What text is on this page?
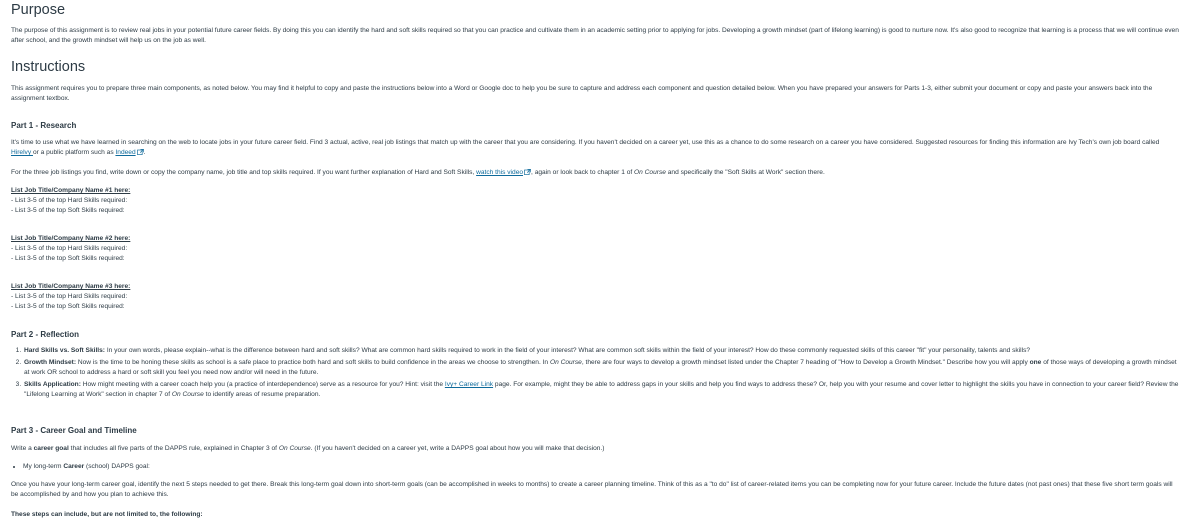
Purpose

The purpose of this assignment is to review real jobs in your potential future career fields. By doing this you can identify the hard and soft skills required so that you can practice and cultivate them in an academic setting prior to applying for jobs. Developing a growth mindset (part of lifelong learning) is good to nurture now. It's also good to recognize that learning is a process that we will continue even after school, and the growth mindset will help us on the job as well.

Instructions

This assignment requires you to prepare three main components, as noted below. You may find it helpful to copy and paste the instructions below into a Word or Google doc to help you be sure to capture and address each component and question detailed below. When you have prepared your answers for Parts 1-3, either submit your document or copy and paste your answers back into the assignment textbox.

Part 1 - Research

It's time to use what we have learned in searching on the web to locate jobs in your future career field. Find 3 actual, active, real job listings that match up with the career that you are considering. If you haven't decided on a career yet, use this as a chance to do some research on a career you have considered. Suggested resources for finding this information are Ivy Tech's own job board called Hirelvy or a public platform such as Indeed .

For the three job listings you find, write down or copy the company name, job title and top skills required. If you want further explanation of Hard and Soft Skills, watch this video , again or look back to chapter 1 of On Course and specifically the "Soft Skills at Work" section there.

List Job Title/Company Name #1 here:
- List 3-5 of the top Hard Skills required:
- List 3-5 of the top Soft Skills required:
List Job Title/Company Name #2 here:
- List 3-5 of the top Hard Skills required:
- List 3-5 of the top Soft Skills required:
List Job Title/Company Name #3 here:
- List 3-5 of the top Hard Skills required:
- List 3-5 of the top Soft Skills required:
Part 2 - Reflection
1. Hard Skills vs. Soft Skills: In your own words, please explain--what is the difference between hard and soft skills? What are common hard skills required to work in the field of your interest? What are common soft skills within the field of your interest? How do these commonly requested skills of this career "fit" your personality, talents and skills?
2. Growth Mindset: Now is the time to be honing these skills as school is a safe place to practice both hard and soft skills to build confidence in the areas we choose to strengthen. In On Course, there are four ways to develop a growth mindset listed under the Chapter 7 heading of "How to Develop a Growth Mindset." Describe how you will apply one of those ways of developing a growth mindset at work OR school to address a hard or soft skill you feel you need now and/or will need in the future.
3. Skills Application: How might meeting with a career coach help you (a practice of interdependence) serve as a resource for you? Hint: visit the Ivy+ Career Link page. For example, might they be able to address gaps in your skills and help you find ways to address these? Or, help you with your resume and cover letter to highlight the skills you have in connection to your career field? Review the "Lifelong Learning at Work" section in chapter 7 of On Course to identify areas of resume preparation.
Part 3 - Career Goal and Timeline

Write a career goal that includes all five parts of the DAPPS rule, explained in Chapter 3 of On Course. (If you haven't decided on a career yet, write a DAPPS goal about how you will make that decision.)

• My long-term Career (school) DAPPS goal:

Once you have your long-term career goal, identify the next 5 steps needed to get there. Break this long-term goal down into short-term goals (can be accomplished in weeks to months) to create a career planning timeline. Think of this as a "to do" list of career-related items you can be completing now for your future career. Include the future dates (not past ones) that these five short term goals will be accomplished by and how you plan to achieve this.

These steps can include, but are not limited to, the following:
